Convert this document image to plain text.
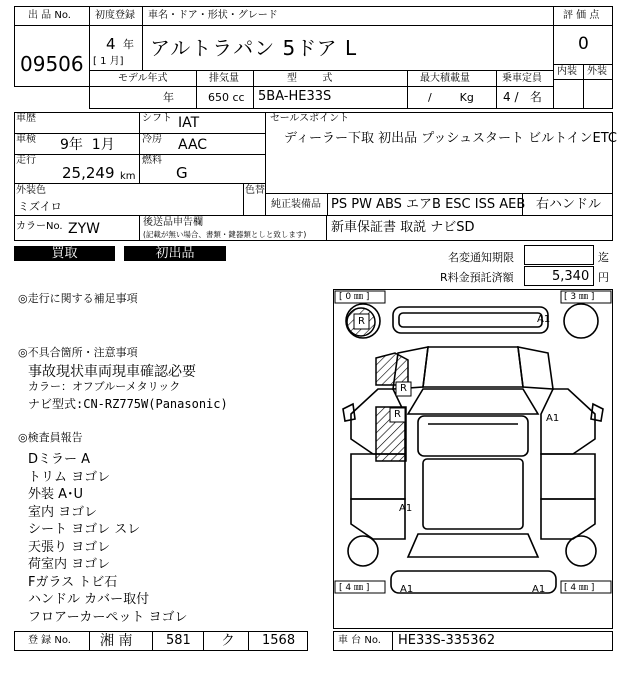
出 品 No.
09506
初度登録
4 年
[ 1 月]
車名・ドア・形状・グレード
アルトラパン 5ドア L
評 価 点
0
内装 外装
モデル年式	排気量	型        式	最大積載量	乗車定員
年	650 cc 5BA-HE33S	/        Kg 4 /   名
車歴	シフト IAT
車検 9年  1月	冷房 AAC
走行
25,249 km
燃料
G
外装色
ミズイロ
色替
カラーNo. ZYW	後送品申告欄
(記載が無い場合、書類・鍵器類としと致します)
セールスポイント
ディーラー下取 初出品 プッシュスタート ビルトインETC
純正装備品 PS PW ABS エアB ESC ISS AEB 右ハンドル
新車保証書 取説 ナビSD
買取	初出品	名変通知期限	迄
R料金預託済額	5,340 円
◎走行に関する補足事項
◎不具合箇所・注意事項
事故現状車両現車確認必要
カラー：オフブルーメタリック
ナビ型式:CN-RZ775W(Panasonic)
◎検査員報告
Dミラー A
トリム ヨゴレ
外装 A･U
室内 ヨゴレ
シート ヨゴレ スレ
天張り ヨゴレ
荷室内 ヨゴレ
Fガラス トビ石
ハンドル カバー取付
フロアーカーペット ヨゴレ
[ 0 ㎜ ]	[ 3 ㎜ ]
[ 4 ㎜ ]	[ 4 ㎜ ]
R	A1
R
R	A1
A1
A1	A1
登 録 No. 湘 南	581 ク 1568	車 台 No. HE33S-335362
